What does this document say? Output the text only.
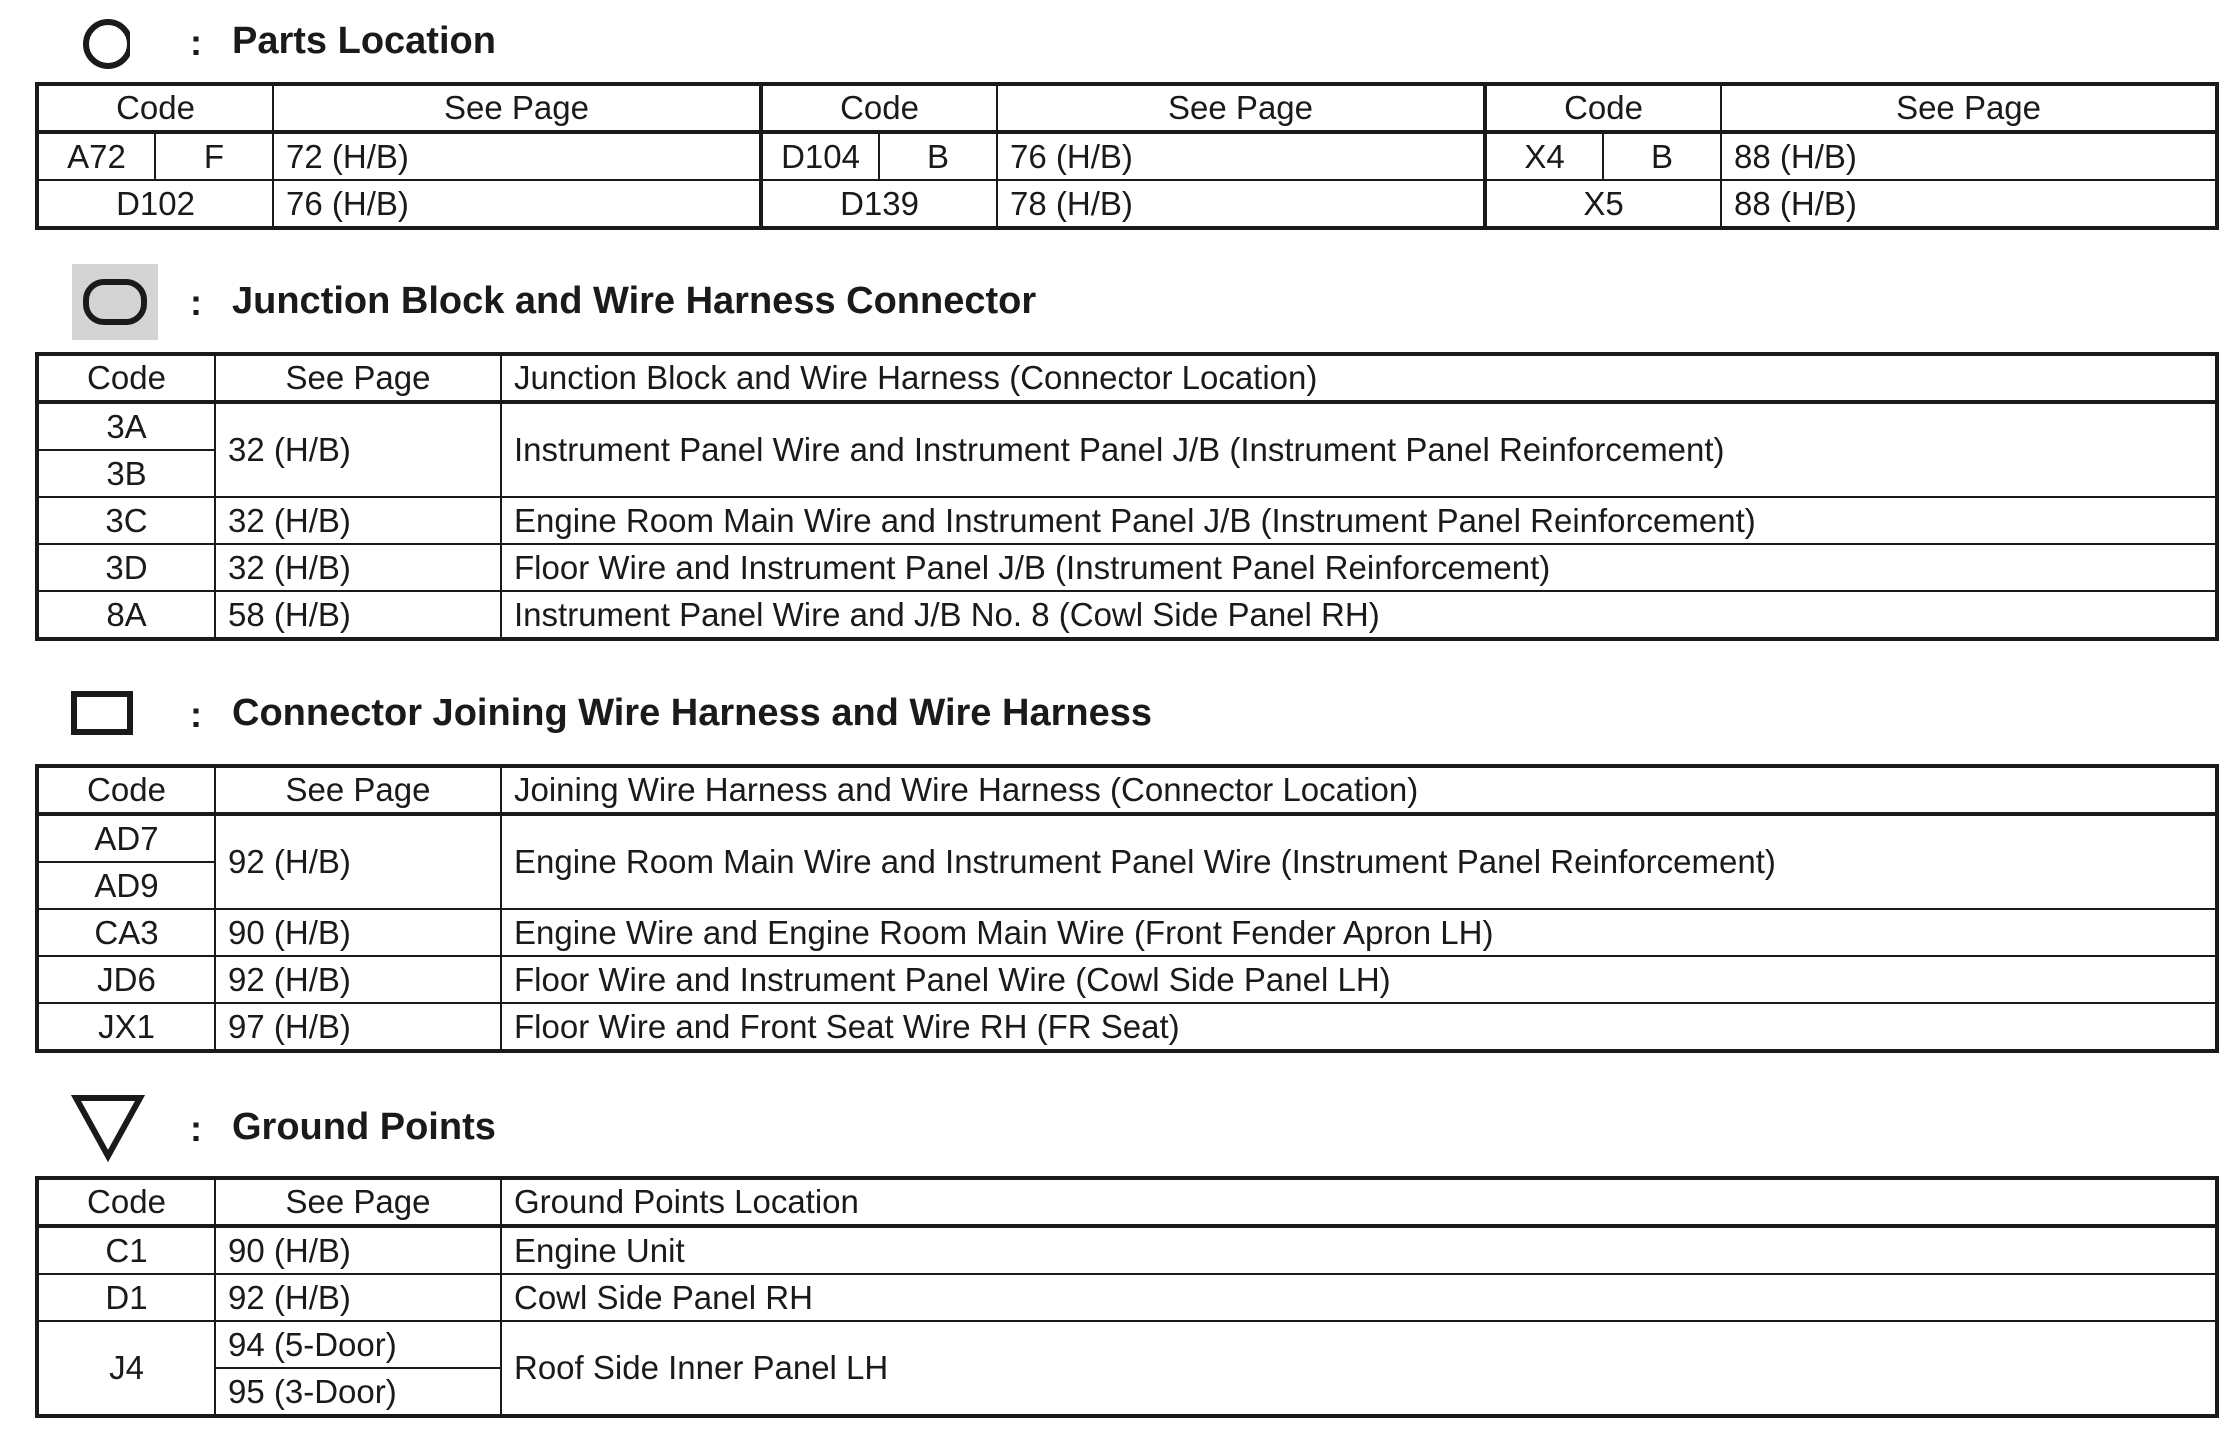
: Parts Location
Code		See Page	Code		See Page	Code		See Page
A72	F	72 (H/B)	D104	B	76 (H/B)	X4	B	88 (H/B)
D102		76 (H/B)	D139		78 (H/B)	X5		88 (H/B)
: Junction Block and Wire Harness Connector
Code	See Page	Junction Block and Wire Harness (Connector Location)
3A	32 (H/B)	Instrument Panel Wire and Instrument Panel J/B (Instrument Panel Reinforcement)
3B		
3C	32 (H/B)	Engine Room Main Wire and Instrument Panel J/B (Instrument Panel Reinforcement)
3D	32 (H/B)	Floor Wire and Instrument Panel J/B (Instrument Panel Reinforcement)
8A	58 (H/B)	Instrument Panel Wire and J/B No. 8 (Cowl Side Panel RH)
: Connector Joining Wire Harness and Wire Harness
Code	See Page	Joining Wire Harness and Wire Harness (Connector Location)
AD7	92 (H/B)	Engine Room Main Wire and Instrument Panel Wire (Instrument Panel Reinforcement)
AD9		
CA3	90 (H/B)	Engine Wire and Engine Room Main Wire (Front Fender Apron LH)
JD6	92 (H/B)	Floor Wire and Instrument Panel Wire (Cowl Side Panel LH)
JX1	97 (H/B)	Floor Wire and Front Seat Wire RH (FR Seat)
: Ground Points
Code	See Page	Ground Points Location
C1	90 (H/B)	Engine Unit
D1	92 (H/B)	Cowl Side Panel RH
J4	94 (5-Door)	Roof Side Inner Panel LH
	95 (3-Door)	
